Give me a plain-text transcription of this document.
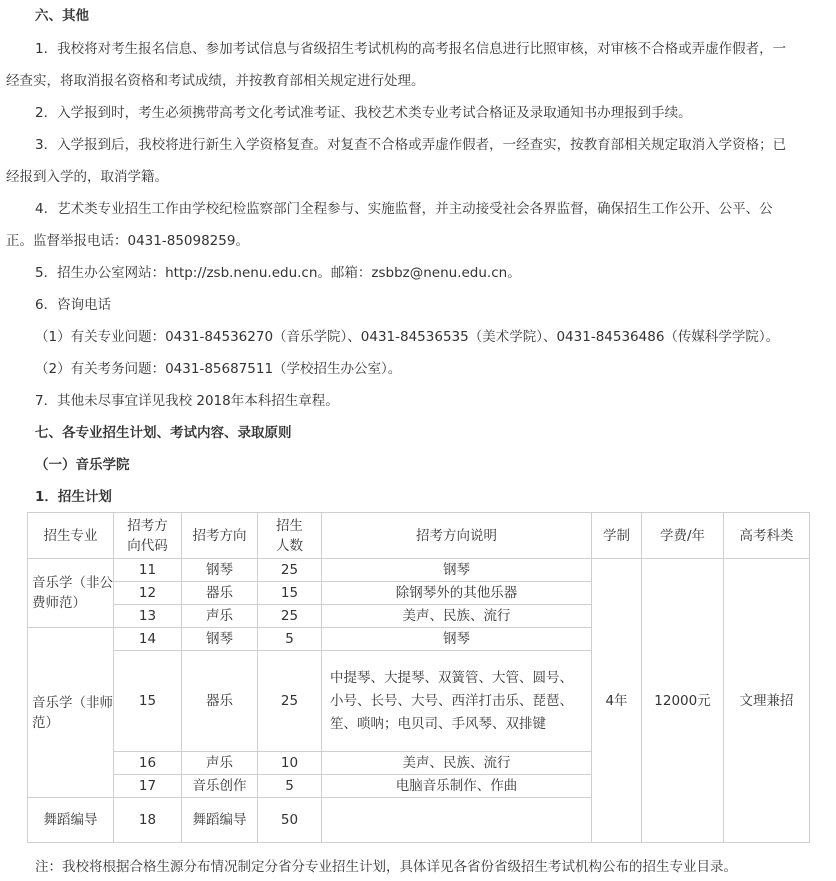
六、其他
1．我校将对考生报名信息、参加考试信息与省级招生考试机构的高考报名信息进行比照审核，对审核不合格或弄虚作假者，一
经查实，将取消报名资格和考试成绩，并按教育部相关规定进行处理。
2．入学报到时，考生必须携带高考文化考试准考证、我校艺术类专业考试合格证及录取通知书办理报到手续。
3．入学报到后，我校将进行新生入学资格复查。对复查不合格或弄虚作假者，一经查实，按教育部相关规定取消入学资格；已
经报到入学的，取消学籍。
4．艺术类专业招生工作由学校纪检监察部门全程参与、实施监督，并主动接受社会各界监督，确保招生工作公开、公平、公
正。监督举报电话：0431-85098259。
5．招生办公室网站：http://zsb.nenu.edu.cn。邮箱：zsbbz@nenu.edu.cn。
6．咨询电话
（1）有关专业问题：0431-84536270（音乐学院）、0431-84536535（美术学院）、0431-84536486（传媒科学学院）。
（2）有关考务问题：0431-85687511（学校招生办公室）。
7．其他未尽事宜详见我校 2018年本科招生章程。
七、各专业招生计划、考试内容、录取原则
（一）音乐学院
1．招生计划
招生专业	招考方向代码	招考方向	招生人数	招考方向说明	学制	学费/年	高考科类
音乐学（非公费师范）	11	钢琴	25	钢琴	4年	12000元	文理兼招
	12	器乐	15	除钢琴外的其他乐器			
	13	声乐	25	美声、民族、流行			
音乐学（非师范）	14	钢琴	5	钢琴			
	15	器乐	25	中提琴、大提琴、双簧管、大管、圆号、小号、长号、大号、西洋打击乐、琵琶、笙、唢呐；电贝司、手风琴、双排键			
	16	声乐	10	美声、民族、流行			
	17	音乐创作	5	电脑音乐制作、作曲			
舞蹈编导	18	舞蹈编导	50				
注：我校将根据合格生源分布情况制定分省分专业招生计划，具体详见各省份省级招生考试机构公布的招生专业目录。
